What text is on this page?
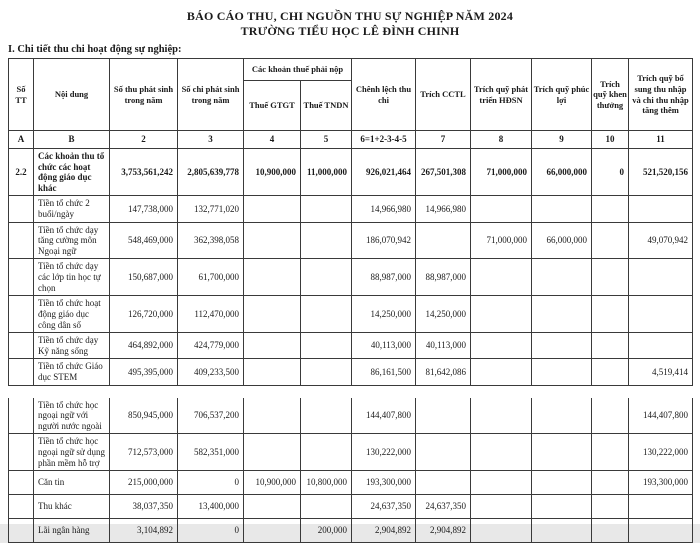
BÁO CÁO THU, CHI NGUỒN THU SỰ NGHIỆP NĂM 2024
TRƯỜNG TIỂU HỌC LÊ ĐÌNH CHINH
I. Chi tiết thu chi hoạt động sự nghiệp:
Số TT	Nội dung	Số thu phát sinh trong năm	Số chi phát sinh trong năm	Các khoản thuế phải nộp		Chênh lệch thu chi	Trích CCTL	Trích quỹ phát triển HĐSN	Trích quỹ phúc lợi	Trích quỹ khen thưởng	Trích quỹ bổ sung thu nhập và chi thu nhập tăng thêm
				Thuế GTGT	Thuế TNDN						
A	B	2	3	4	5	6=1+2-3-4-5	7	8	9	10	11
2.2	Các khoản thu tổ chức các hoạt động giáo dục khác	3,753,561,242	2,805,639,778	10,900,000	11,000,000	926,021,464	267,501,308	71,000,000	66,000,000	0	521,520,156
	Tiền tổ chức 2 buổi/ngày	147,738,000	132,771,020			14,966,980	14,966,980				
	Tiền tổ chức dạy tăng cường môn Ngoại ngữ	548,469,000	362,398,058			186,070,942		71,000,000	66,000,000		49,070,942
	Tiền tổ chức dạy các lớp tin học tự chọn	150,687,000	61,700,000			88,987,000	88,987,000				
	Tiền tổ chức hoạt động giáo dục công dân số	126,720,000	112,470,000			14,250,000	14,250,000				
	Tiền tổ chức dạy Kỹ năng sống	464,892,000	424,779,000			40,113,000	40,113,000				
	Tiền tổ chức Giáo dục STEM	495,395,000	409,233,500			86,161,500	81,642,086				4,519,414
	Tiền tổ chức học ngoại ngữ với người nước ngoài	850,945,000	706,537,200			144,407,800					144,407,800
	Tiền tổ chức học ngoại ngữ sử dụng phần mềm hỗ trợ	712,573,000	582,351,000			130,222,000					130,222,000
	Căn tin	215,000,000	0	10,900,000	10,800,000	193,300,000					193,300,000
	Thu khác	38,037,350	13,400,000			24,637,350	24,637,350				
	Lãi ngân hàng	3,104,892	0		200,000	2,904,892	2,904,892				
